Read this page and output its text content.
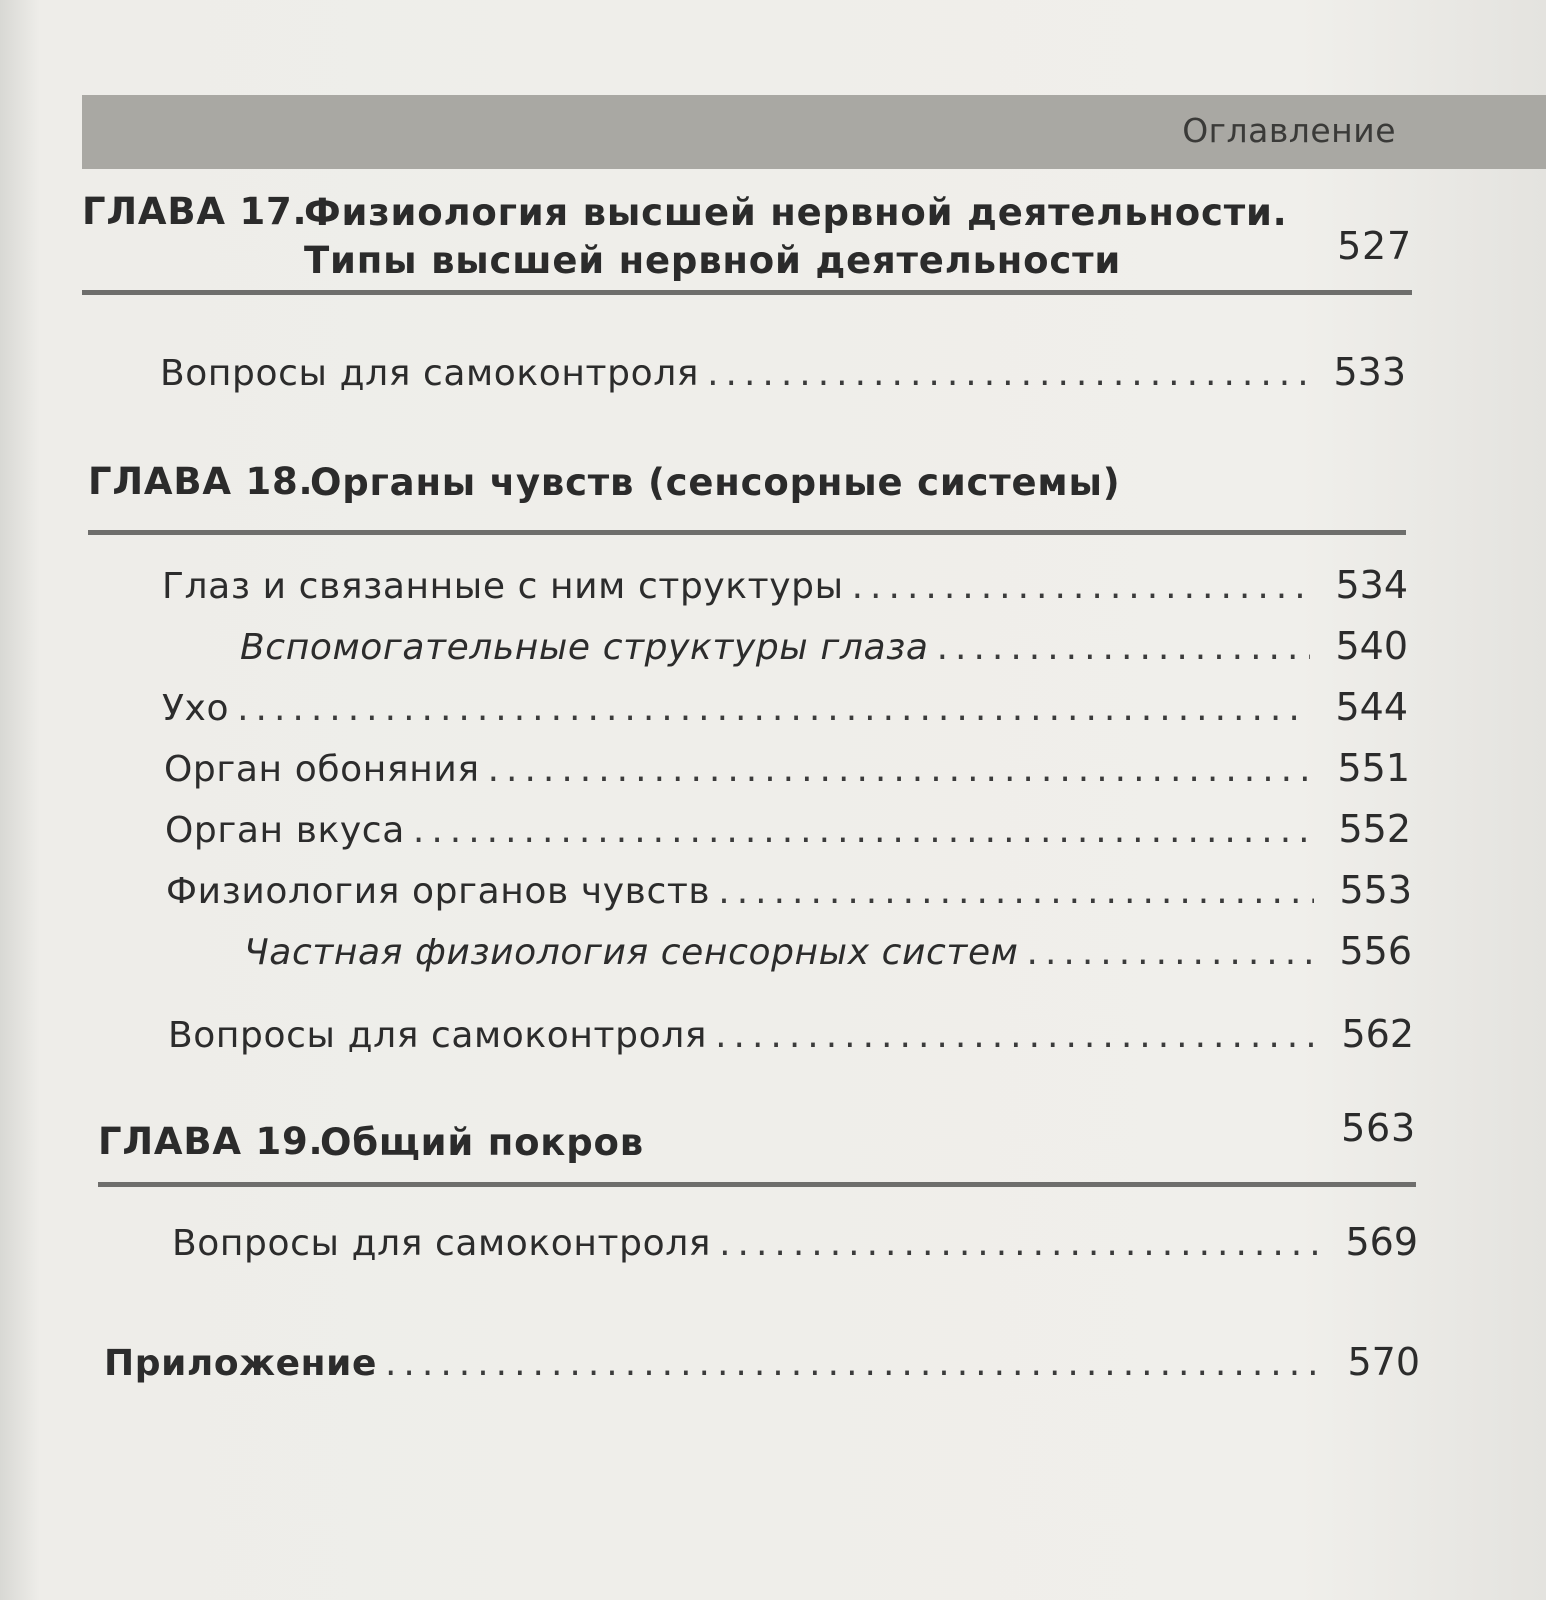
Оглавление
ГЛАВА 17.
Физиология высшей нервной деятельности.
Типы высшей нервной деятельности	527
Вопросы для самоконтроля .....	533
ГЛАВА 18.
Органы чувств (сенсорные системы)
Глаз и связанные с ним структуры .....	534
Вспомогательные структуры глаза .....	540
Ухо .....	544
Орган обоняния .....	551
Орган вкуса .....	552
Физиология органов чувств .....	553
Частная физиология сенсорных систем .....	556
Вопросы для самоконтроля .....	562
ГЛАВА 19.
Общий покров	563
Вопросы для самоконтроля .....	569
Приложение .....	570
